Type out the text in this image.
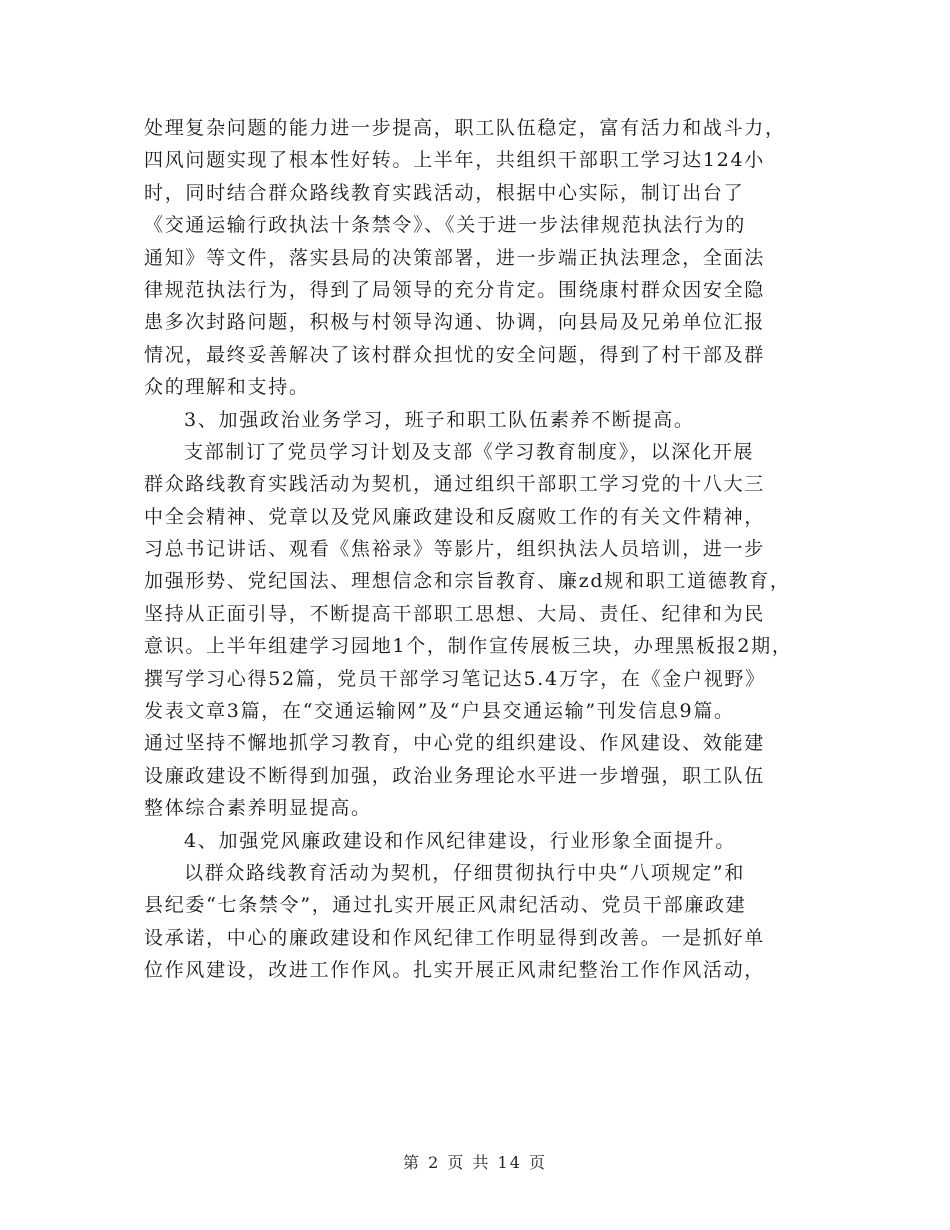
处理复杂问题的能力进一步提高，职工队伍稳定，富有活力和战斗力，
四风问题实现了根本性好转。上半年，共组织干部职工学习达124小
时，同时结合群众路线教育实践活动，根据中心实际，制订出台了
《交通运输行政执法十条禁令》、《关于进一步法律规范执法行为的
通知》等文件，落实县局的决策部署，进一步端正执法理念，全面法
律规范执法行为，得到了局领导的充分肯定。围绕康村群众因安全隐
患多次封路问题，积极与村领导沟通、协调，向县局及兄弟单位汇报
情况，最终妥善解决了该村群众担忧的安全问题，得到了村干部及群
众的理解和支持。
3、加强政治业务学习，班子和职工队伍素养不断提高。
支部制订了党员学习计划及支部《学习教育制度》，以深化开展
群众路线教育实践活动为契机，通过组织干部职工学习党的十八大三
中全会精神、党章以及党风廉政建设和反腐败工作的有关文件精神，
习总书记讲话、观看《焦裕录》等影片，组织执法人员培训，进一步
加强形势、党纪国法、理想信念和宗旨教育、廉zd规和职工道德教育，
坚持从正面引导，不断提高干部职工思想、大局、责任、纪律和为民
意识。上半年组建学习园地1个，制作宣传展板三块，办理黑板报2期，
撰写学习心得52篇，党员干部学习笔记达5.4万字，在《金户视野》
发表文章3篇，在“交通运输网”及“户县交通运输”刊发信息9篇。
通过坚持不懈地抓学习教育，中心党的组织建设、作风建设、效能建
设廉政建设不断得到加强，政治业务理论水平进一步增强，职工队伍
整体综合素养明显提高。
4、加强党风廉政建设和作风纪律建设，行业形象全面提升。
以群众路线教育活动为契机，仔细贯彻执行中央“八项规定”和
县纪委“七条禁令”，通过扎实开展正风肃纪活动、党员干部廉政建
设承诺，中心的廉政建设和作风纪律工作明显得到改善。一是抓好单
位作风建设，改进工作作风。扎实开展正风肃纪整治工作作风活动，
第 2 页 共 14 页
